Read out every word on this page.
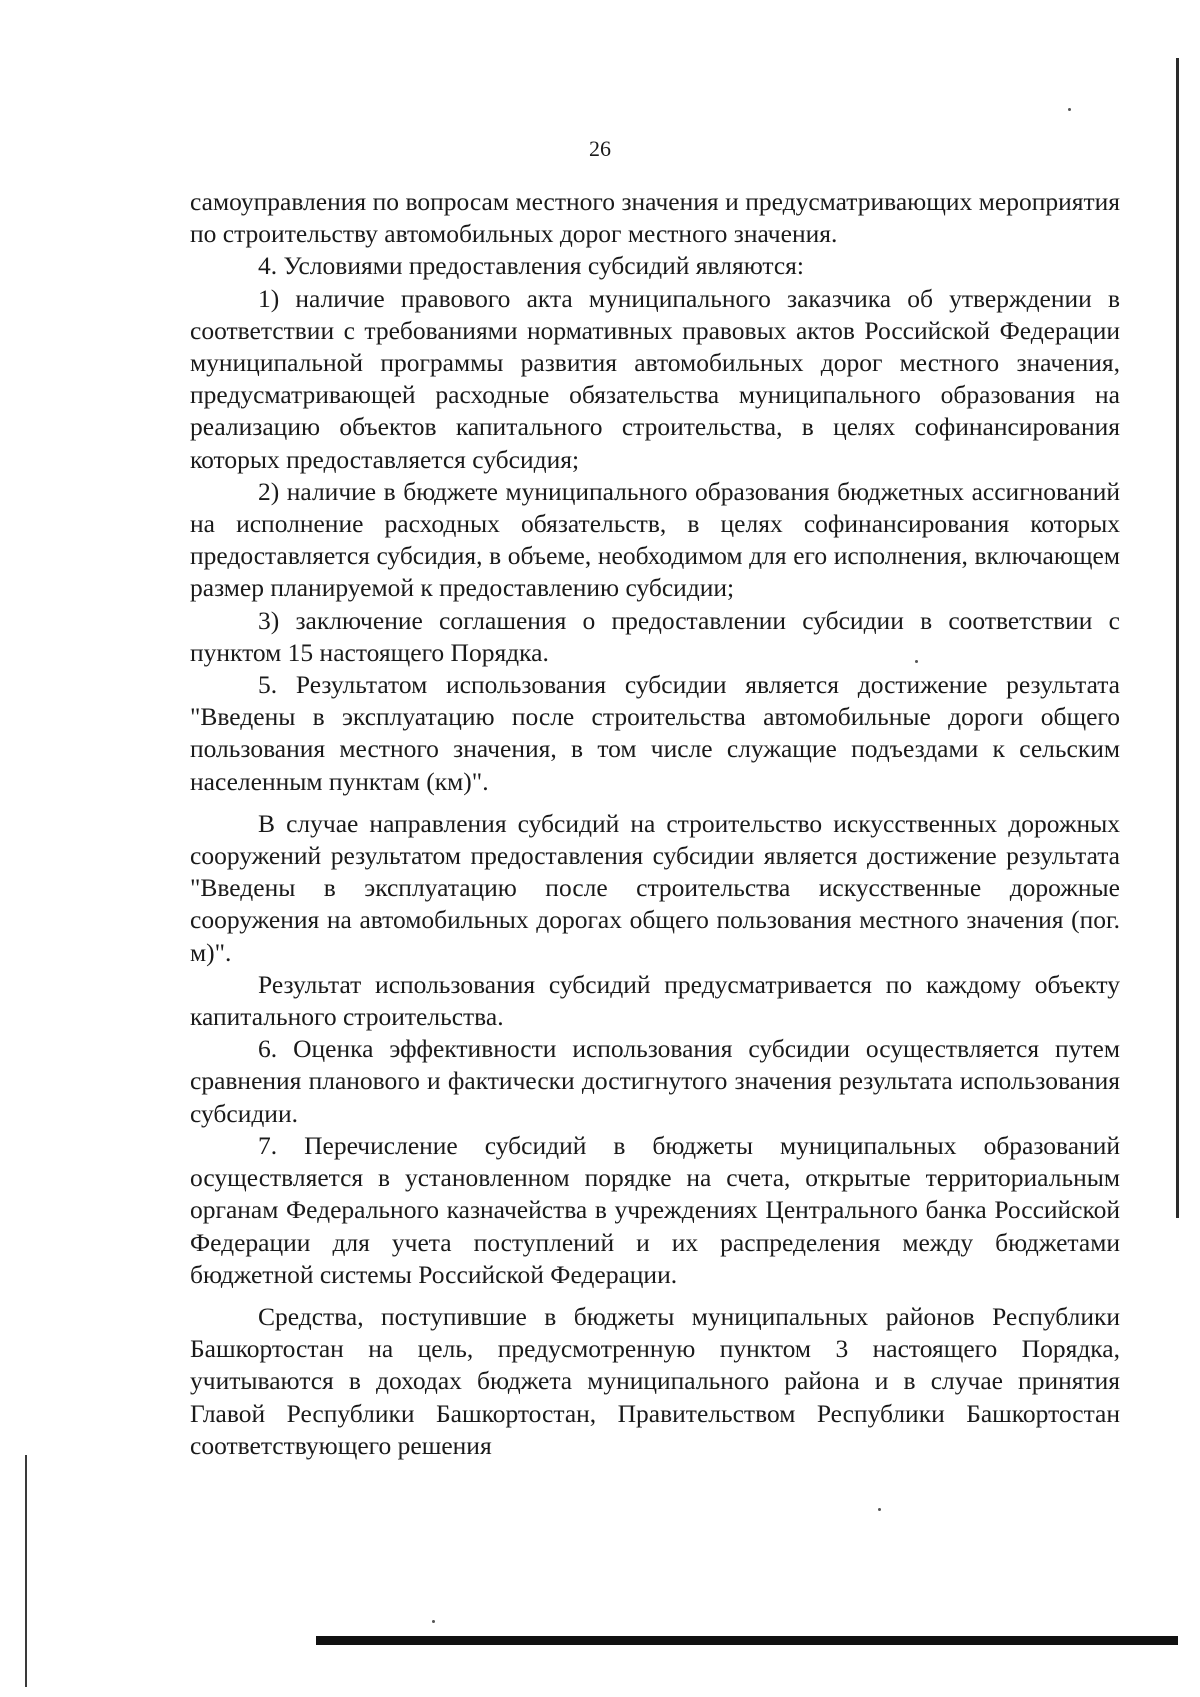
26

самоуправления по вопросам местного значения и предусматривающих мероприятия по строительству автомобильных дорог местного значения.

4. Условиями предоставления субсидий являются:

1) наличие правового акта муниципального заказчика об утверждении в соответствии с требованиями нормативных правовых актов Российской Федерации муниципальной программы развития автомобильных дорог местного значения, предусматривающей расходные обязательства муниципального образования на реализацию объектов капитального строительства, в целях софинансирования которых предоставляется субсидия;

2) наличие в бюджете муниципального образования бюджетных ассигнований на исполнение расходных обязательств, в целях софинансирования которых предоставляется субсидия, в объеме, необходимом для его исполнения, включающем размер планируемой к предоставлению субсидии;

3) заключение соглашения о предоставлении субсидии в соответствии с пунктом 15 настоящего Порядка.

5. Результатом использования субсидии является достижение результата "Введены в эксплуатацию после строительства автомобильные дороги общего пользования местного значения, в том числе служащие подъездами к сельским населенным пунктам (км)".

В случае направления субсидий на строительство искусственных дорожных сооружений результатом предоставления субсидии является достижение результата "Введены в эксплуатацию после строительства искусственные дорожные сооружения на автомобильных дорогах общего пользования местного значения (пог. м)".

Результат использования субсидий предусматривается по каждому объекту капитального строительства.

6. Оценка эффективности использования субсидии осуществляется путем сравнения планового и фактически достигнутого значения результата использования субсидии.

7. Перечисление субсидий в бюджеты муниципальных образований осуществляется в установленном порядке на счета, открытые территориальным органам Федерального казначейства в учреждениях Центрального банка Российской Федерации для учета поступлений и их распределения между бюджетами бюджетной системы Российской Федерации.

Средства, поступившие в бюджеты муниципальных районов Республики Башкортостан на цель, предусмотренную пунктом 3 настоящего Порядка, учитываются в доходах бюджета муниципального района и в случае принятия Главой Республики Башкортостан, Правительством Республики Башкортостан соответствующего решения
